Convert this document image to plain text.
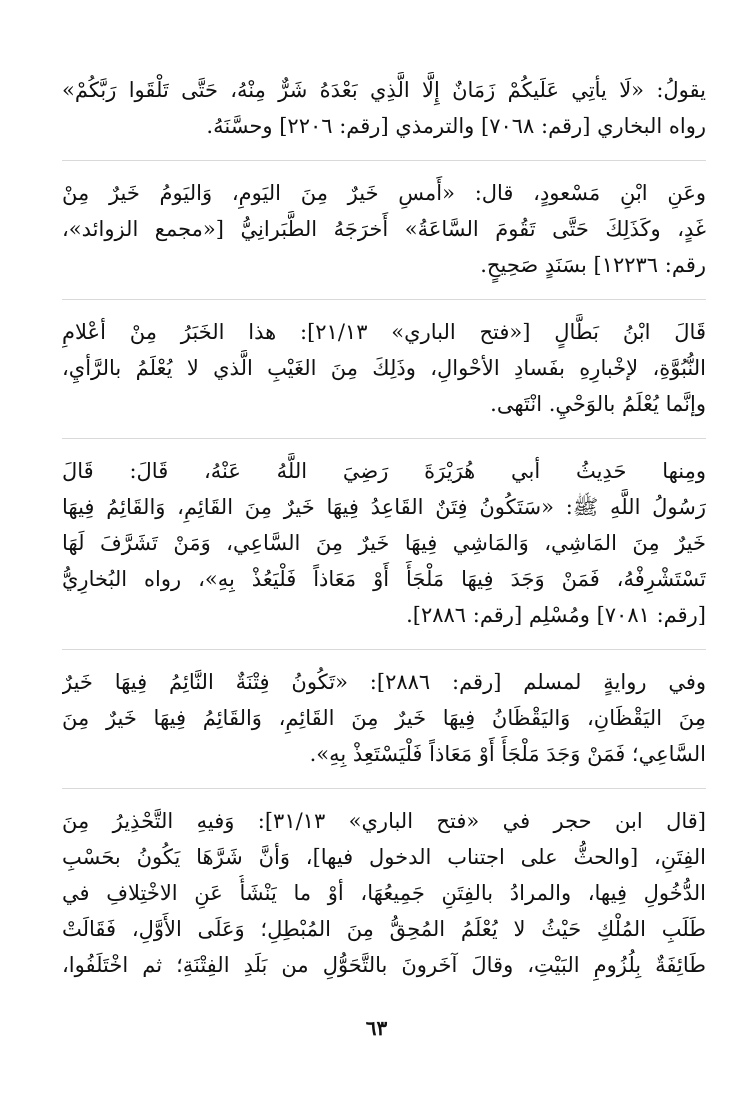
يقولُ: «لَا يأتِي عَلَيكُمْ زَمَانٌ إِلَّا الَّذِي بَعْدَهُ شَرٌّ مِنْهُ، حَتَّى تَلْقَوا رَبَّكُمْ»
رواه البخاري [رقم: ٧٠٦٨] والترمذي [رقم: ٢٢٠٦] وحسَّنَهُ.
وعَنِ ابْنِ مَسْعودٍ، قال: «أَمسِ خَيرٌ مِنَ اليَومِ، وَاليَومُ خَيرٌ مِنْ
غَدٍ، وكَذَلِكَ حَتَّى تَقُومَ السَّاعَةُ» أَخرَجَهُ الطَّبَرانِيُّ [«مجمع الزوائد»،
رقم: ١٢٢٣٦] بسَنَدٍ صَحِيحٍ.
قَالَ ابْنُ بَطَّالٍ [«فتح الباري» ٢١/١٣]: هذا الخَبَرُ مِنْ أعْلامِ
النُّبُوَّةِ، لإخْبارِهِ بفَسادِ الأحْوالِ، وذَلِكَ مِنَ الغَيْبِ الَّذي لا يُعْلَمُ بالرَّأيِ،
وإنَّما يُعْلَمُ بالوَحْيِ. انْتَهى.
ومِنها حَدِيثُ أبي هُرَيْرَةَ رَضِيَ اللَّهُ عَنْهُ، قَالَ: قَالَ
رَسُولُ اللَّهِ ﷺ: «سَتَكُونُ فِتَنٌ القَاعِدُ فِيهَا خَيرٌ مِنَ القَائِمِ، وَالقَائِمُ فِيهَا
خَيرٌ مِنَ المَاشِي، وَالمَاشِي فِيهَا خَيرٌ مِنَ السَّاعِي، وَمَنْ تَشَرَّفَ لَهَا
تَسْتَشْرِفْهُ، فَمَنْ وَجَدَ فِيهَا مَلْجَأً أَوْ مَعَاذاً فَلْيَعُذْ بِهِ»، رواه البُخارِيُّ
[رقم: ٧٠٨١] ومُسْلِم [رقم: ٢٨٨٦].
وفي روايةٍ لمسلم [رقم: ٢٨٨٦]: «تَكُونُ فِتْنَةٌ النَّائِمُ فِيهَا خَيرٌ
مِنَ اليَقْظَانِ، وَاليَقْظَانُ فِيهَا خَيرٌ مِنَ القَائِمِ، وَالقَائِمُ فِيهَا خَيرٌ مِنَ
السَّاعِي؛ فَمَنْ وَجَدَ مَلْجَأً أَوْ مَعَاذاً فَلْيَسْتَعِذْ بِهِ».
[قال ابن حجر في «فتح الباري» ٣١/١٣]: وَفيهِ التَّحْذِيرُ مِنَ
الفِتَنِ، [والحثُّ على اجتناب الدخول فيها]، وَأنَّ شَرَّهَا يَكُونُ بحَسْبِ
الدُّخُولِ فِيها، والمرادُ بالفِتَنِ جَمِيعُهَا، أوْ ما يَنْشَأُ عَنِ الاخْتِلافِ في
طَلَبِ المُلْكِ حَيْثُ لا يُعْلَمُ المُحِقُّ مِنَ المُبْطِلِ؛ وَعَلَى الأَوَّلِ، فَقَالَتْ
طَائِفَةٌ بِلُزُومِ البَيْتِ، وقالَ آخَرونَ بالتَّحَوُّلِ من بَلَدِ الفِتْنَةِ؛ ثم اخْتَلَفُوا،
٦٣
